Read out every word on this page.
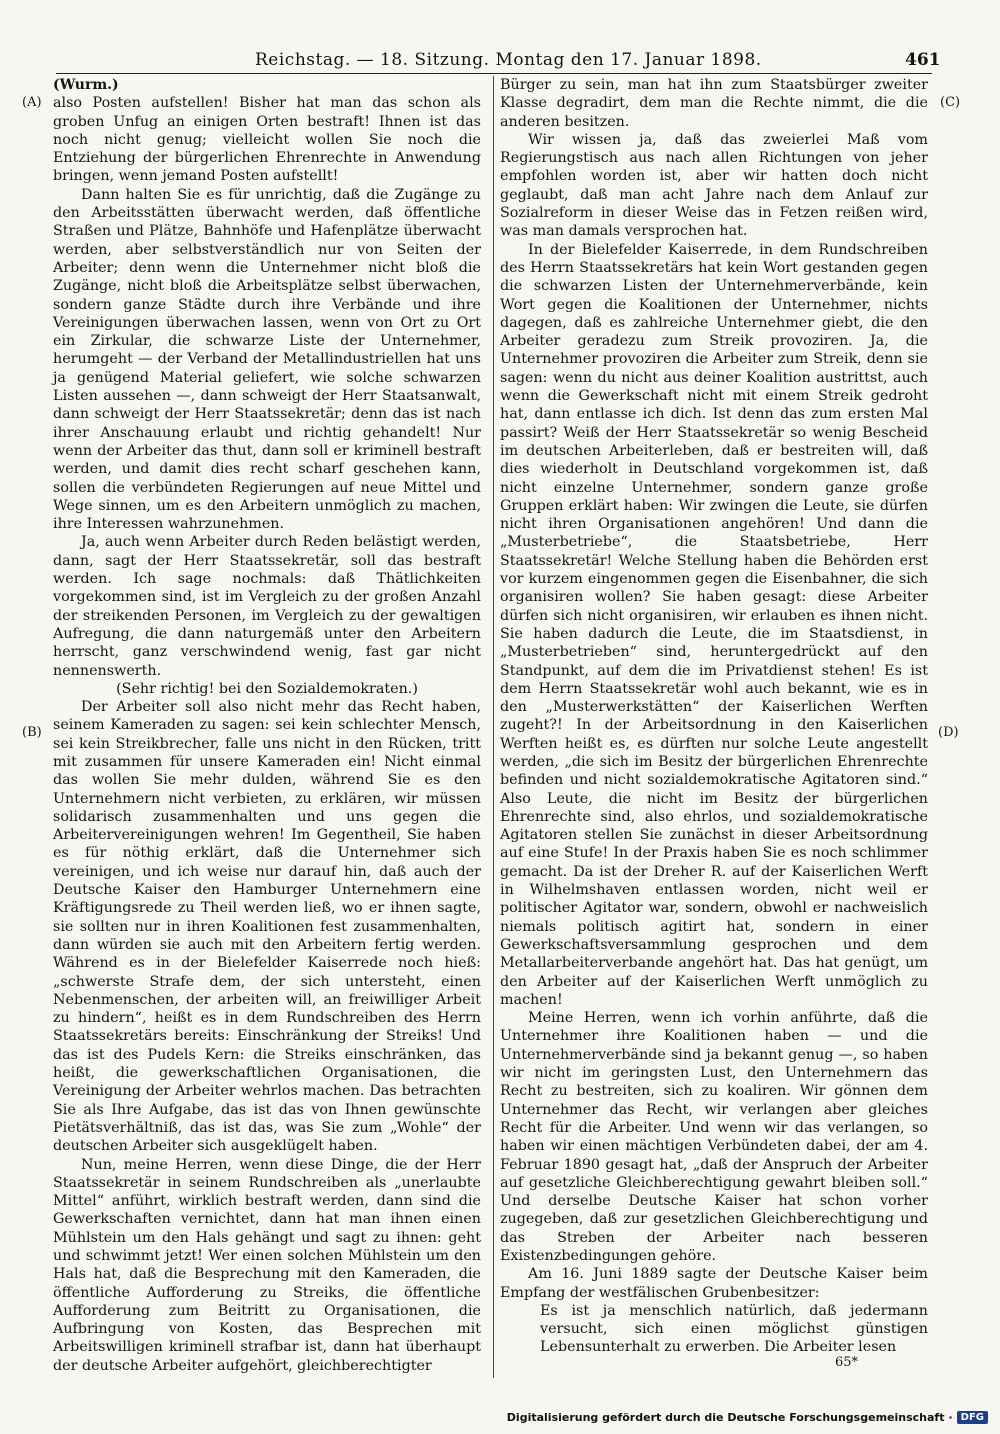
Reichstag. — 18. Sitzung. Montag den 17. Januar 1898.	461
(A)
(B)
(C)
(D)

(Wurm.)

also Posten aufstellen! Bisher hat man das schon als groben Unfug an einigen Orten bestraft! Ihnen ist das noch nicht genug; vielleicht wollen Sie noch die Entziehung der bürgerlichen Ehrenrechte in Anwendung bringen, wenn jemand Posten aufstellt!

Dann halten Sie es für unrichtig, daß die Zugänge zu den Arbeitsstätten überwacht werden, daß öffentliche Straßen und Plätze, Bahnhöfe und Hafenplätze überwacht werden, aber selbstverständlich nur von Seiten der Arbeiter; denn wenn die Unternehmer nicht bloß die Zugänge, nicht bloß die Arbeitsplätze selbst überwachen, sondern ganze Städte durch ihre Verbände und ihre Vereinigungen überwachen lassen, wenn von Ort zu Ort ein Zirkular, die schwarze Liste der Unternehmer, herumgeht — der Verband der Metallindustriellen hat uns ja genügend Material geliefert, wie solche schwarzen Listen aussehen —, dann schweigt der Herr Staatsanwalt, dann schweigt der Herr Staatssekretär; denn das ist nach ihrer Anschauung erlaubt und richtig gehandelt! Nur wenn der Arbeiter das thut, dann soll er kriminell bestraft werden, und damit dies recht scharf geschehen kann, sollen die verbündeten Regierungen auf neue Mittel und Wege sinnen, um es den Arbeitern unmöglich zu machen, ihre Interessen wahrzunehmen.

Ja, auch wenn Arbeiter durch Reden belästigt werden, dann, sagt der Herr Staatssekretär, soll das bestraft werden. Ich sage nochmals: daß Thätlichkeiten vorgekommen sind, ist im Vergleich zu der großen Anzahl der streikenden Personen, im Vergleich zu der gewaltigen Aufregung, die dann naturgemäß unter den Arbeitern herrscht, ganz verschwindend wenig, fast gar nicht nennenswerth.

(Sehr richtig! bei den Sozialdemokraten.)

Der Arbeiter soll also nicht mehr das Recht haben, seinem Kameraden zu sagen: sei kein schlechter Mensch, sei kein Streikbrecher, falle uns nicht in den Rücken, tritt mit zusammen für unsere Kameraden ein! Nicht einmal das wollen Sie mehr dulden, während Sie es den Unternehmern nicht verbieten, zu erklären, wir müssen solidarisch zusammenhalten und uns gegen die Arbeitervereinigungen wehren! Im Gegentheil, Sie haben es für nöthig erklärt, daß die Unternehmer sich vereinigen, und ich weise nur darauf hin, daß auch der Deutsche Kaiser den Hamburger Unternehmern eine Kräftigungsrede zu Theil werden ließ, wo er ihnen sagte, sie sollten nur in ihren Koalitionen fest zusammenhalten, dann würden sie auch mit den Arbeitern fertig werden. Während es in der Bielefelder Kaiserrede noch hieß: „schwerste Strafe dem, der sich untersteht, einen Nebenmenschen, der arbeiten will, an freiwilliger Arbeit zu hindern“, heißt es in dem Rundschreiben des Herrn Staatssekretärs bereits: Einschränkung der Streiks! Und das ist des Pudels Kern: die Streiks einschränken, das heißt, die gewerkschaftlichen Organisationen, die Vereinigung der Arbeiter wehrlos machen. Das betrachten Sie als Ihre Aufgabe, das ist das von Ihnen gewünschte Pietätsverhältniß, das ist das, was Sie zum „Wohle“ der deutschen Arbeiter sich ausgeklügelt haben.

Nun, meine Herren, wenn diese Dinge, die der Herr Staatssekretär in seinem Rundschreiben als „unerlaubte Mittel“ anführt, wirklich bestraft werden, dann sind die Gewerkschaften vernichtet, dann hat man ihnen einen Mühlstein um den Hals gehängt und sagt zu ihnen: geht und schwimmt jetzt! Wer einen solchen Mühlstein um den Hals hat, daß die Besprechung mit den Kameraden, die öffentliche Aufforderung zu Streiks, die öffentliche Aufforderung zum Beitritt zu Organisationen, die Aufbringung von Kosten, das Besprechen mit Arbeitswilligen kriminell strafbar ist, dann hat überhaupt der deutsche Arbeiter aufgehört, gleichberechtigter

Bürger zu sein, man hat ihn zum Staatsbürger zweiter Klasse degradirt, dem man die Rechte nimmt, die die anderen besitzen.

Wir wissen ja, daß das zweierlei Maß vom Regierungstisch aus nach allen Richtungen von jeher empfohlen worden ist, aber wir hatten doch nicht geglaubt, daß man acht Jahre nach dem Anlauf zur Sozialreform in dieser Weise das in Fetzen reißen wird, was man damals versprochen hat.

In der Bielefelder Kaiserrede, in dem Rundschreiben des Herrn Staatssekretärs hat kein Wort gestanden gegen die schwarzen Listen der Unternehmerverbände, kein Wort gegen die Koalitionen der Unternehmer, nichts dagegen, daß es zahlreiche Unternehmer giebt, die den Arbeiter geradezu zum Streik provoziren. Ja, die Unternehmer provoziren die Arbeiter zum Streik, denn sie sagen: wenn du nicht aus deiner Koalition austrittst, auch wenn die Gewerkschaft nicht mit einem Streik gedroht hat, dann entlasse ich dich. Ist denn das zum ersten Mal passirt? Weiß der Herr Staatssekretär so wenig Bescheid im deutschen Arbeiterleben, daß er bestreiten will, daß dies wiederholt in Deutschland vorgekommen ist, daß nicht einzelne Unternehmer, sondern ganze große Gruppen erklärt haben: Wir zwingen die Leute, sie dürfen nicht ihren Organisationen angehören! Und dann die „Musterbetriebe“, die Staatsbetriebe, Herr Staatssekretär! Welche Stellung haben die Behörden erst vor kurzem eingenommen gegen die Eisenbahner, die sich organisiren wollen? Sie haben gesagt: diese Arbeiter dürfen sich nicht organisiren, wir erlauben es ihnen nicht. Sie haben dadurch die Leute, die im Staatsdienst, in „Musterbetrieben“ sind, heruntergedrückt auf den Standpunkt, auf dem die im Privatdienst stehen! Es ist dem Herrn Staatssekretär wohl auch bekannt, wie es in den „Musterwerkstätten“ der Kaiserlichen Werften zugeht?! In der Arbeitsordnung in den Kaiserlichen Werften heißt es, es dürften nur solche Leute angestellt werden, „die sich im Besitz der bürgerlichen Ehrenrechte befinden und nicht sozialdemokratische Agitatoren sind.“ Also Leute, die nicht im Besitz der bürgerlichen Ehrenrechte sind, also ehrlos, und sozialdemokratische Agitatoren stellen Sie zunächst in dieser Arbeitsordnung auf eine Stufe! In der Praxis haben Sie es noch schlimmer gemacht. Da ist der Dreher R. auf der Kaiserlichen Werft in Wilhelmshaven entlassen worden, nicht weil er politischer Agitator war, sondern, obwohl er nachweislich niemals politisch agitirt hat, sondern in einer Gewerkschaftsversammlung gesprochen und dem Metallarbeiterverbande angehört hat. Das hat genügt, um den Arbeiter auf der Kaiserlichen Werft unmöglich zu machen!

Meine Herren, wenn ich vorhin anführte, daß die Unternehmer ihre Koalitionen haben — und die Unternehmerverbände sind ja bekannt genug —, so haben wir nicht im geringsten Lust, den Unternehmern das Recht zu bestreiten, sich zu koaliren. Wir gönnen dem Unternehmer das Recht, wir verlangen aber gleiches Recht für die Arbeiter. Und wenn wir das verlangen, so haben wir einen mächtigen Verbündeten dabei, der am 4. Februar 1890 gesagt hat, „daß der Anspruch der Arbeiter auf gesetzliche Gleichberechtigung gewahrt bleiben soll.“ Und derselbe Deutsche Kaiser hat schon vorher zugegeben, daß zur gesetzlichen Gleichberechtigung und das Streben der Arbeiter nach besseren Existenzbedingungen gehöre.

Am 16. Juni 1889 sagte der Deutsche Kaiser beim Empfang der westfälischen Grubenbesitzer:

Es ist ja menschlich natürlich, daß jedermann versucht, sich einen möglichst günstigen Lebensunterhalt zu erwerben. Die Arbeiter lesen

65*
Digitalisierung gefördert durch die Deutsche Forschungsgemeinschaft · DFG
